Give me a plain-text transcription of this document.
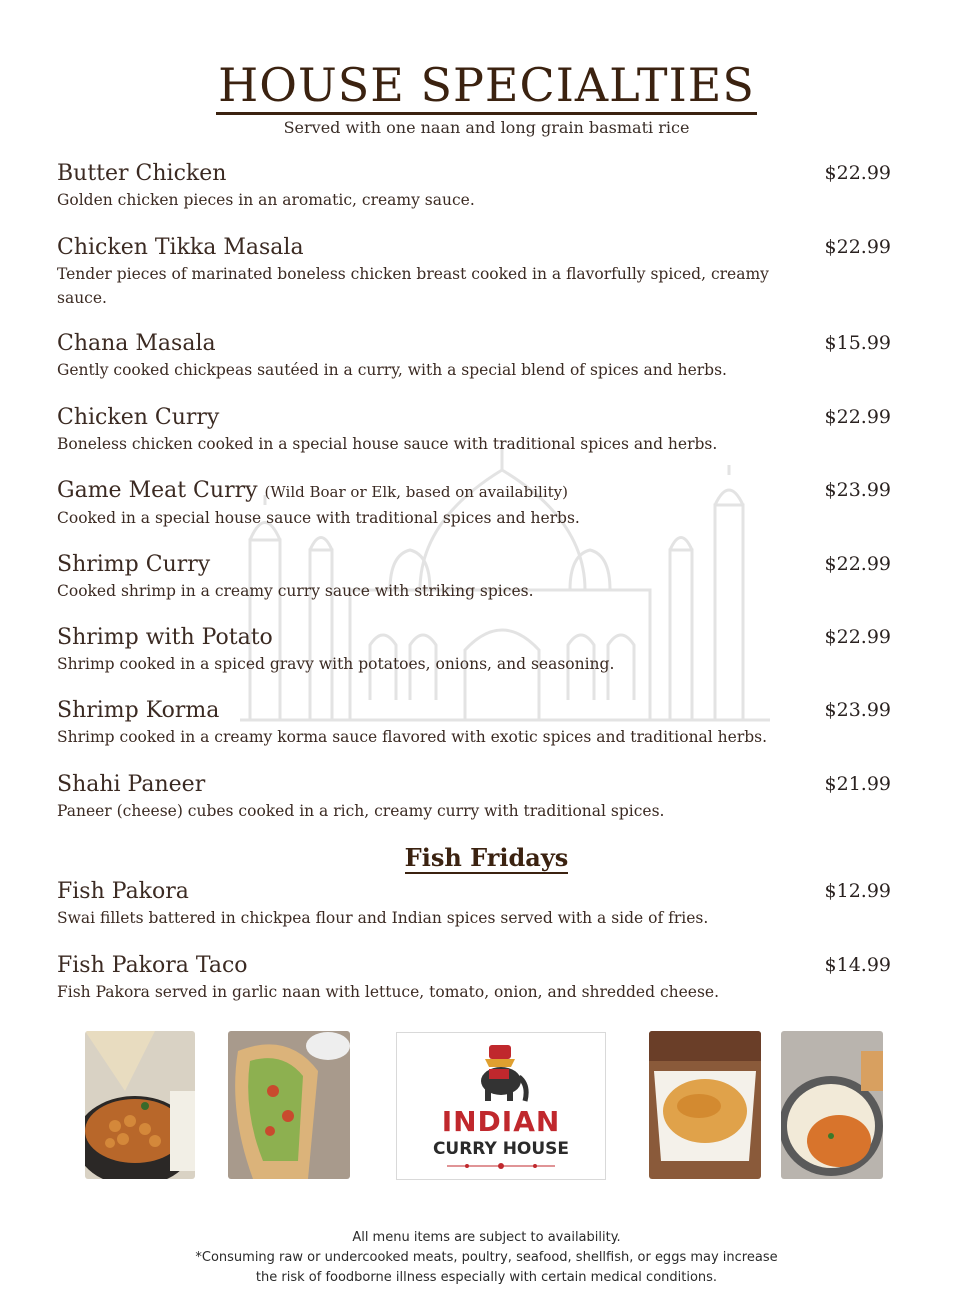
HOUSE SPECIALTIES
Served with one naan and long grain basmati rice
Butter Chicken
Golden chicken pieces in an aromatic, creamy sauce.
$22.99
Chicken Tikka Masala
Tender pieces of marinated boneless chicken breast cooked in a flavorfully spiced, creamy sauce.
$22.99
Chana Masala
Gently cooked chickpeas sautéed in a curry, with a special blend of spices and herbs.
$15.99
Chicken Curry
Boneless chicken cooked in a special house sauce with traditional spices and herbs.
$22.99
Game Meat Curry (Wild Boar or Elk, based on availability)
Cooked in a special house sauce with traditional spices and herbs.
$23.99
Shrimp Curry
Cooked shrimp in a creamy curry sauce with striking spices.
$22.99
Shrimp with Potato
Shrimp cooked in a spiced gravy with potatoes, onions, and seasoning.
$22.99
Shrimp Korma
Shrimp cooked in a creamy korma sauce flavored with exotic spices and traditional herbs.
$23.99
Shahi Paneer
Paneer (cheese) cubes cooked in a rich, creamy curry with traditional spices.
$21.99
Fish Fridays
Fish Pakora
Swai fillets battered in chickpea flour and Indian spices served with a side of fries.
$12.99
Fish Pakora Taco
Fish Pakora served in garlic naan with lettuce, tomato, onion, and shredded cheese.
$14.99
INDIAN
CURRY HOUSE
All menu items are subject to availability.
*Consuming raw or undercooked meats, poultry, seafood, shellfish, or eggs may increase
the risk of foodborne illness especially with certain medical conditions.
